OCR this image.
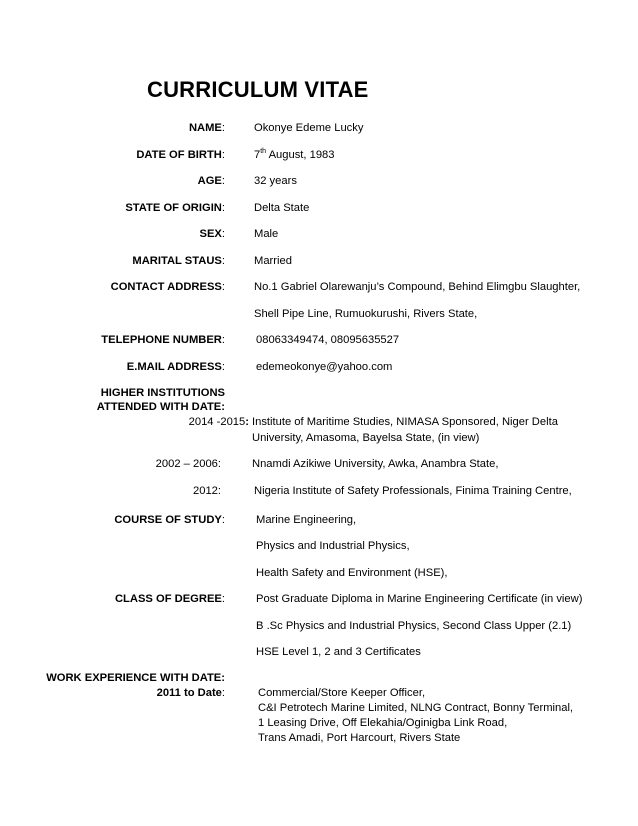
CURRICULUM VITAE
NAME:	Okonye Edeme Lucky
DATE OF BIRTH:	7th August, 1983
AGE:	32 years
STATE OF ORIGIN:	Delta State
SEX:	Male
MARITAL STAUS:	Married
CONTACT ADDRESS:	No.1 Gabriel Olarewanju’s Compound, Behind Elimgbu Slaughter,
Shell Pipe Line, Rumuokurushi, Rivers State,
TELEPHONE NUMBER:	08063349474, 08095635527
E.MAIL ADDRESS:	edemeokonye@yahoo.com
HIGHER INSTITUTIONS
ATTENDED WITH DATE:
2014 -2015: Institute of Maritime Studies, NIMASA Sponsored, Niger Delta University, Amasoma, Bayelsa State, (in view)
2002 – 2006:	Nnamdi Azikiwe University, Awka, Anambra State,
2012:	Nigeria Institute of Safety Professionals, Finima Training Centre,
COURSE OF STUDY:	Marine Engineering,
Physics and Industrial Physics,
Health Safety and Environment (HSE),
CLASS OF DEGREE:	Post Graduate Diploma in Marine Engineering Certificate (in view)
B .Sc Physics and Industrial Physics, Second Class Upper (2.1)
HSE Level 1, 2 and 3 Certificates
WORK EXPERIENCE WITH DATE:
2011 to Date:	Commercial/Store Keeper Officer,
C&I Petrotech Marine Limited, NLNG Contract, Bonny Terminal,
1 Leasing Drive, Off Elekahia/Oginigba Link Road,
Trans Amadi, Port Harcourt, Rivers State
